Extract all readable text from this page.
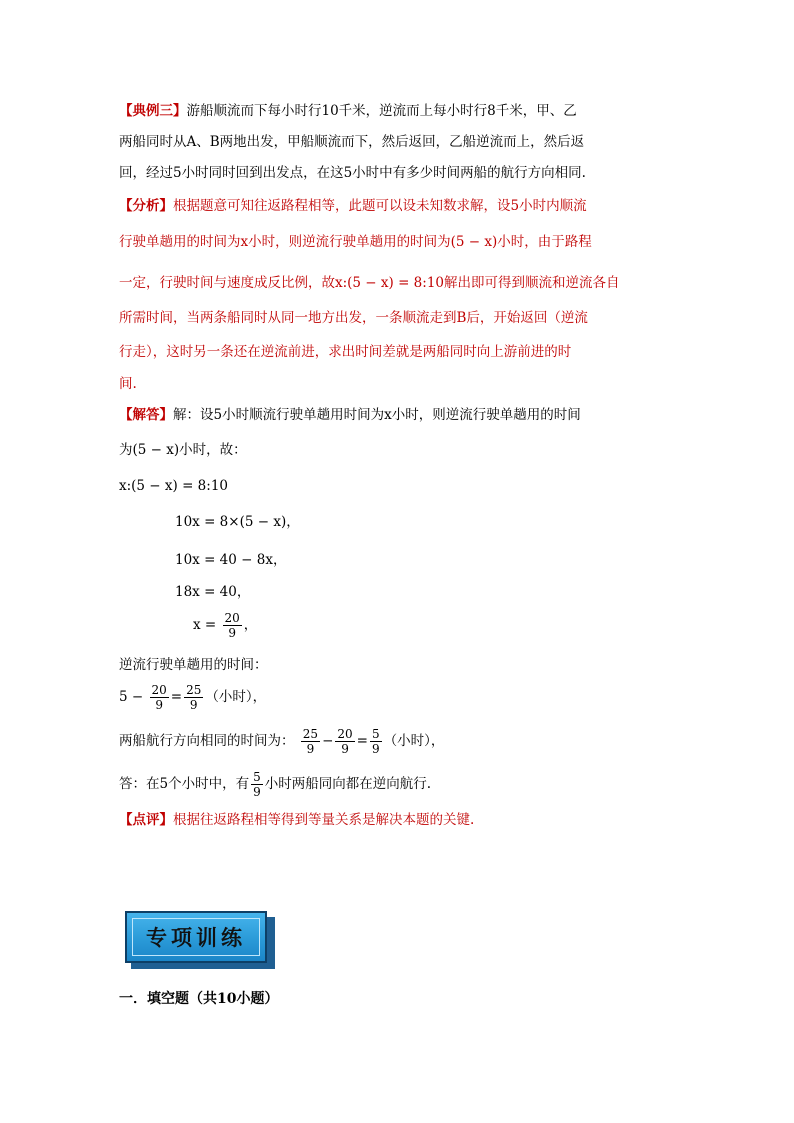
【典例三】游船顺流而下每小时行10千米，逆流而上每小时行8千米，甲、乙
两船同时从A、B两地出发，甲船顺流而下，然后返回，乙船逆流而上，然后返
回，经过5小时同时回到出发点，在这5小时中有多少时间两船的航行方向相同.
【分析】根据题意可知往返路程相等，此题可以设未知数求解，设5小时内顺流
行驶单趟用的时间为x小时，则逆流行驶单趟用的时间为(5 − x)小时，由于路程
一定，行驶时间与速度成反比例，故x:(5 − x) = 8:10解出即可得到顺流和逆流各自
所需时间，当两条船同时从同一地方出发，一条顺流走到B后，开始返回（逆流
行走），这时另一条还在逆流前进，求出时间差就是两船同时向上游前进的时
间.
【解答】解：设5小时顺流行驶单趟用时间为x小时，则逆流行驶单趟用的时间
为(5 − x)小时，故：
x:(5 − x) = 8:10
10x = 8×(5 − x)，
10x = 40 − 8x，
18x = 40，
$x = \frac{20}{9}$ ，
逆流行驶单趟用的时间：
$5 - \frac{20}{9} = \frac{25}{9}$ （小时），
两船航行方向相同的时间为： $\frac{25}{9} - \frac{20}{9} = \frac{5}{9}$ （小时），
答：在5个小时中，有 $\frac{5}{9}$ 小时两船同向都在逆向航行.
【点评】根据往返路程相等得到等量关系是解决本题的关键.
专项训练
一．填空题（共10小题）
